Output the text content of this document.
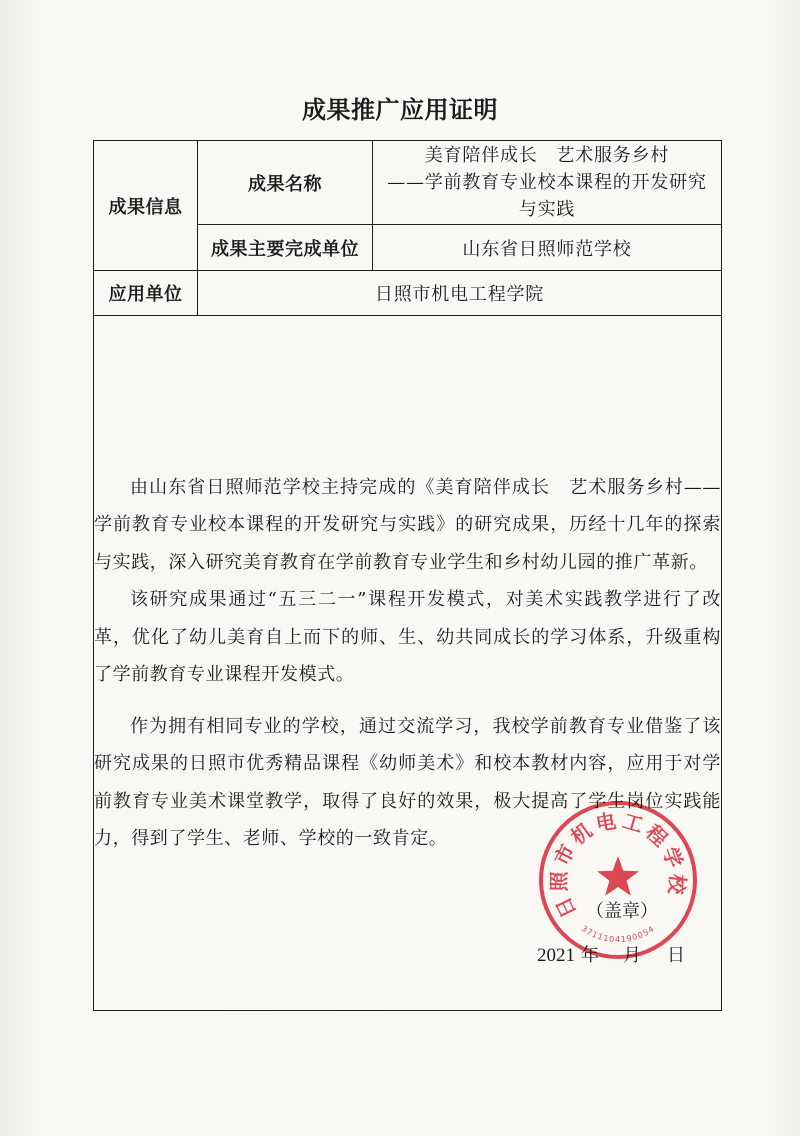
成果推广应用证明
成果信息	成果名称	美育陪伴成长　艺术服务乡村
——学前教育专业校本课程的开发研究
与实践

	成果主要完成单位	山东省日照师范学校
应用单位	日照市机电工程学院	

由山东省日照师范学校主持完成的《美育陪伴成长　艺术服务乡村——学前教育专业校本课程的开发研究与实践》的研究成果，历经十几年的探索与实践，深入研究美育教育在学前教育专业学生和乡村幼儿园的推广革新。

该研究成果通过“五三二一”课程开发模式，对美术实践教学进行了改革，优化了幼儿美育自上而下的师、生、幼共同成长的学习体系，升级重构了学前教育专业课程开发模式。

作为拥有相同专业的学校，通过交流学习，我校学前教育专业借鉴了该研究成果的日照市优秀精品课程《幼师美术》和校本教材内容，应用于对学前教育专业美术课堂教学，取得了良好的效果，极大提高了学生岗位实践能力，得到了学生、老师、学校的一致肯定。		

（盖章）
2021 年 月 日
日照市机电工程学校
3711104190054
